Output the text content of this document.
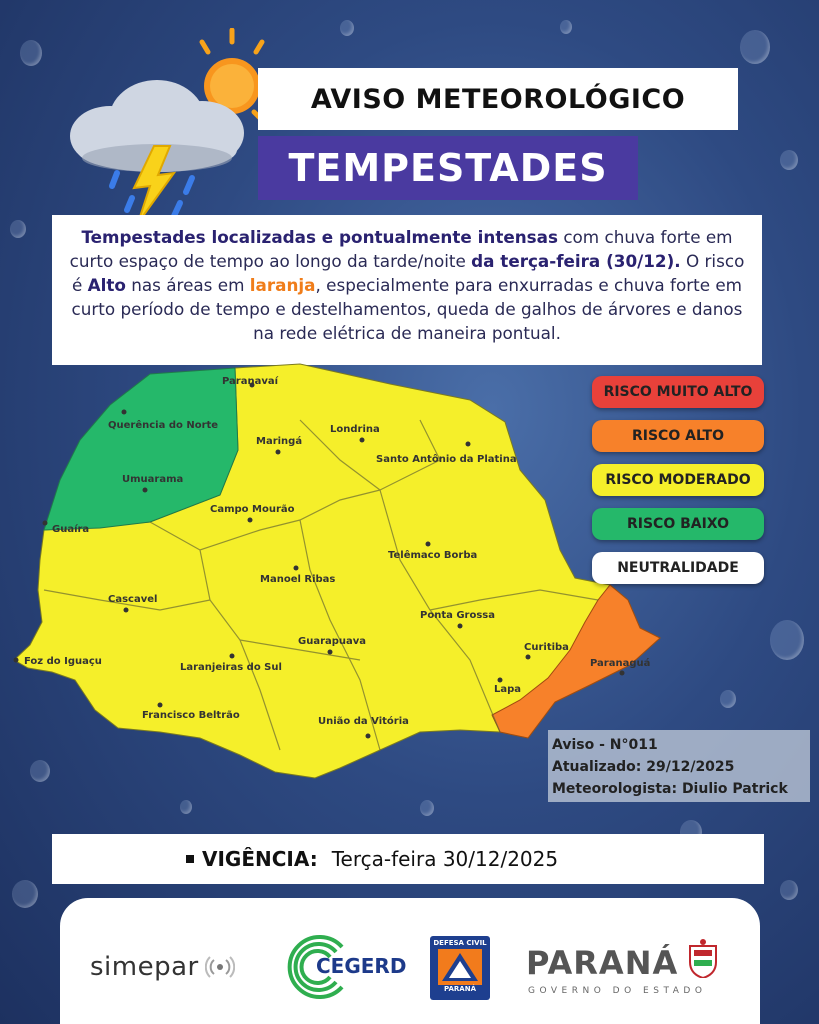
AVISO METEOROLÓGICO
TEMPESTADES
Tempestades localizadas e pontualmente intensas com chuva forte em curto espaço de tempo ao longo da tarde/noite da terça-feira (30/12). O risco é Alto nas áreas em laranja, especialmente para enxurradas e chuva forte em curto período de tempo e destelhamentos, queda de galhos de árvores e danos na rede elétrica de maneira pontual.
Paranavaí
Querência do Norte	Londrina
Maringá
Santo Antônio da Platina
Umuarama
Campo Mourão
Guaíra
Telêmaco Borba
Manoel Ribas
Cascavel
Ponta Grossa
Guarapuava
Curitiba
Paranaguá
Foz do Iguaçu
Laranjeiras do Sul
Lapa
Francisco Beltrão
União da Vitória
RISCO MUITO ALTO
RISCO ALTO
RISCO MODERADO
RISCO BAIXO
NEUTRALIDADE
Aviso - N°011
Atualizado: 29/12/2025
Meteorologista: Diulio Patrick
VIGÊNCIA: Terça-feira 30/12/2025
simepar	CEGERD
DEFESA CIVIL
PARANÁ
PARANÁ
GOVERNO DO ESTADO
